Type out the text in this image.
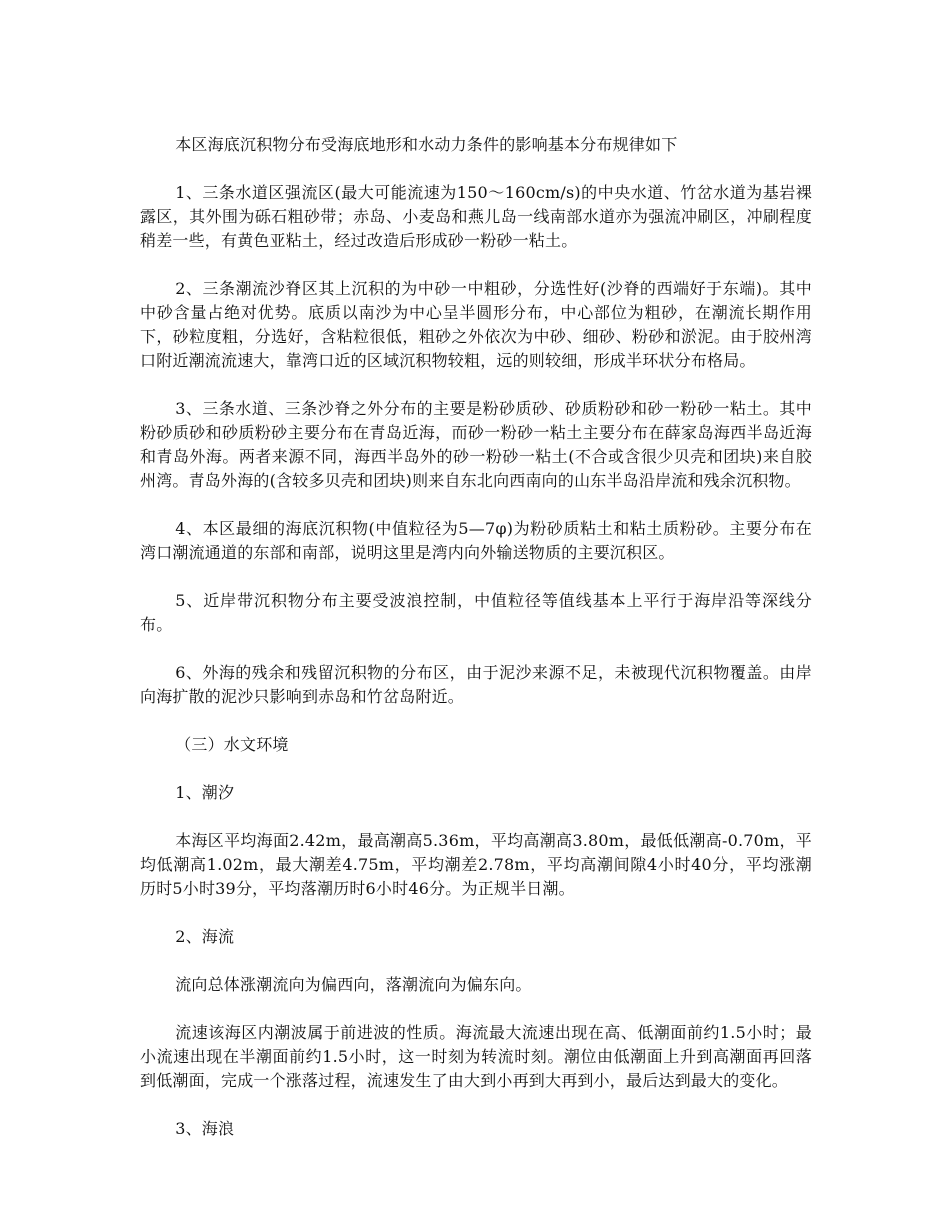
本区海底沉积物分布受海底地形和水动力条件的影响基本分布规律如下

1、三条水道区强流区(最大可能流速为150～160cm/s)的中央水道、竹岔水道为基岩裸露区，其外围为砾石粗砂带；赤岛、小麦岛和燕儿岛一线南部水道亦为强流冲刷区，冲刷程度稍差一些，有黄色亚粘土，经过改造后形成砂一粉砂一粘土。

2、三条潮流沙脊区其上沉积的为中砂一中粗砂，分选性好(沙脊的西端好于东端)。其中中砂含量占绝对优势。底质以南沙为中心呈半圆形分布，中心部位为粗砂，在潮流长期作用下，砂粒度粗，分选好，含粘粒很低，粗砂之外依次为中砂、细砂、粉砂和淤泥。由于胶州湾口附近潮流流速大，靠湾口近的区域沉积物较粗，远的则较细，形成半环状分布格局。

3、三条水道、三条沙脊之外分布的主要是粉砂质砂、砂质粉砂和砂一粉砂一粘土。其中粉砂质砂和砂质粉砂主要分布在青岛近海，而砂一粉砂一粘土主要分布在薛家岛海西半岛近海和青岛外海。两者来源不同，海西半岛外的砂一粉砂一粘土(不合或含很少贝壳和团块)来自胶州湾。青岛外海的(含较多贝壳和团块)则来自东北向西南向的山东半岛沿岸流和残余沉积物。

4、本区最细的海底沉积物(中值粒径为5—7φ)为粉砂质粘土和粘土质粉砂。主要分布在湾口潮流通道的东部和南部，说明这里是湾内向外输送物质的主要沉积区。

5、近岸带沉积物分布主要受波浪控制，中值粒径等值线基本上平行于海岸沿等深线分布。

6、外海的残余和残留沉积物的分布区，由于泥沙来源不足，未被现代沉积物覆盖。由岸向海扩散的泥沙只影响到赤岛和竹岔岛附近。

（三）水文环境

1、潮汐

本海区平均海面2.42m，最高潮高5.36m，平均高潮高3.80m，最低低潮高-0.70m，平均低潮高1.02m，最大潮差4.75m，平均潮差2.78m，平均高潮间隙4小时40分，平均涨潮历时5小时39分，平均落潮历时6小时46分。为正规半日潮。

2、海流

流向总体涨潮流向为偏西向，落潮流向为偏东向。

流速该海区内潮波属于前进波的性质。海流最大流速出现在高、低潮面前约1.5小时；最小流速出现在半潮面前约1.5小时，这一时刻为转流时刻。潮位由低潮面上升到高潮面再回落到低潮面，完成一个涨落过程，流速发生了由大到小再到大再到小，最后达到最大的变化。

3、海浪
